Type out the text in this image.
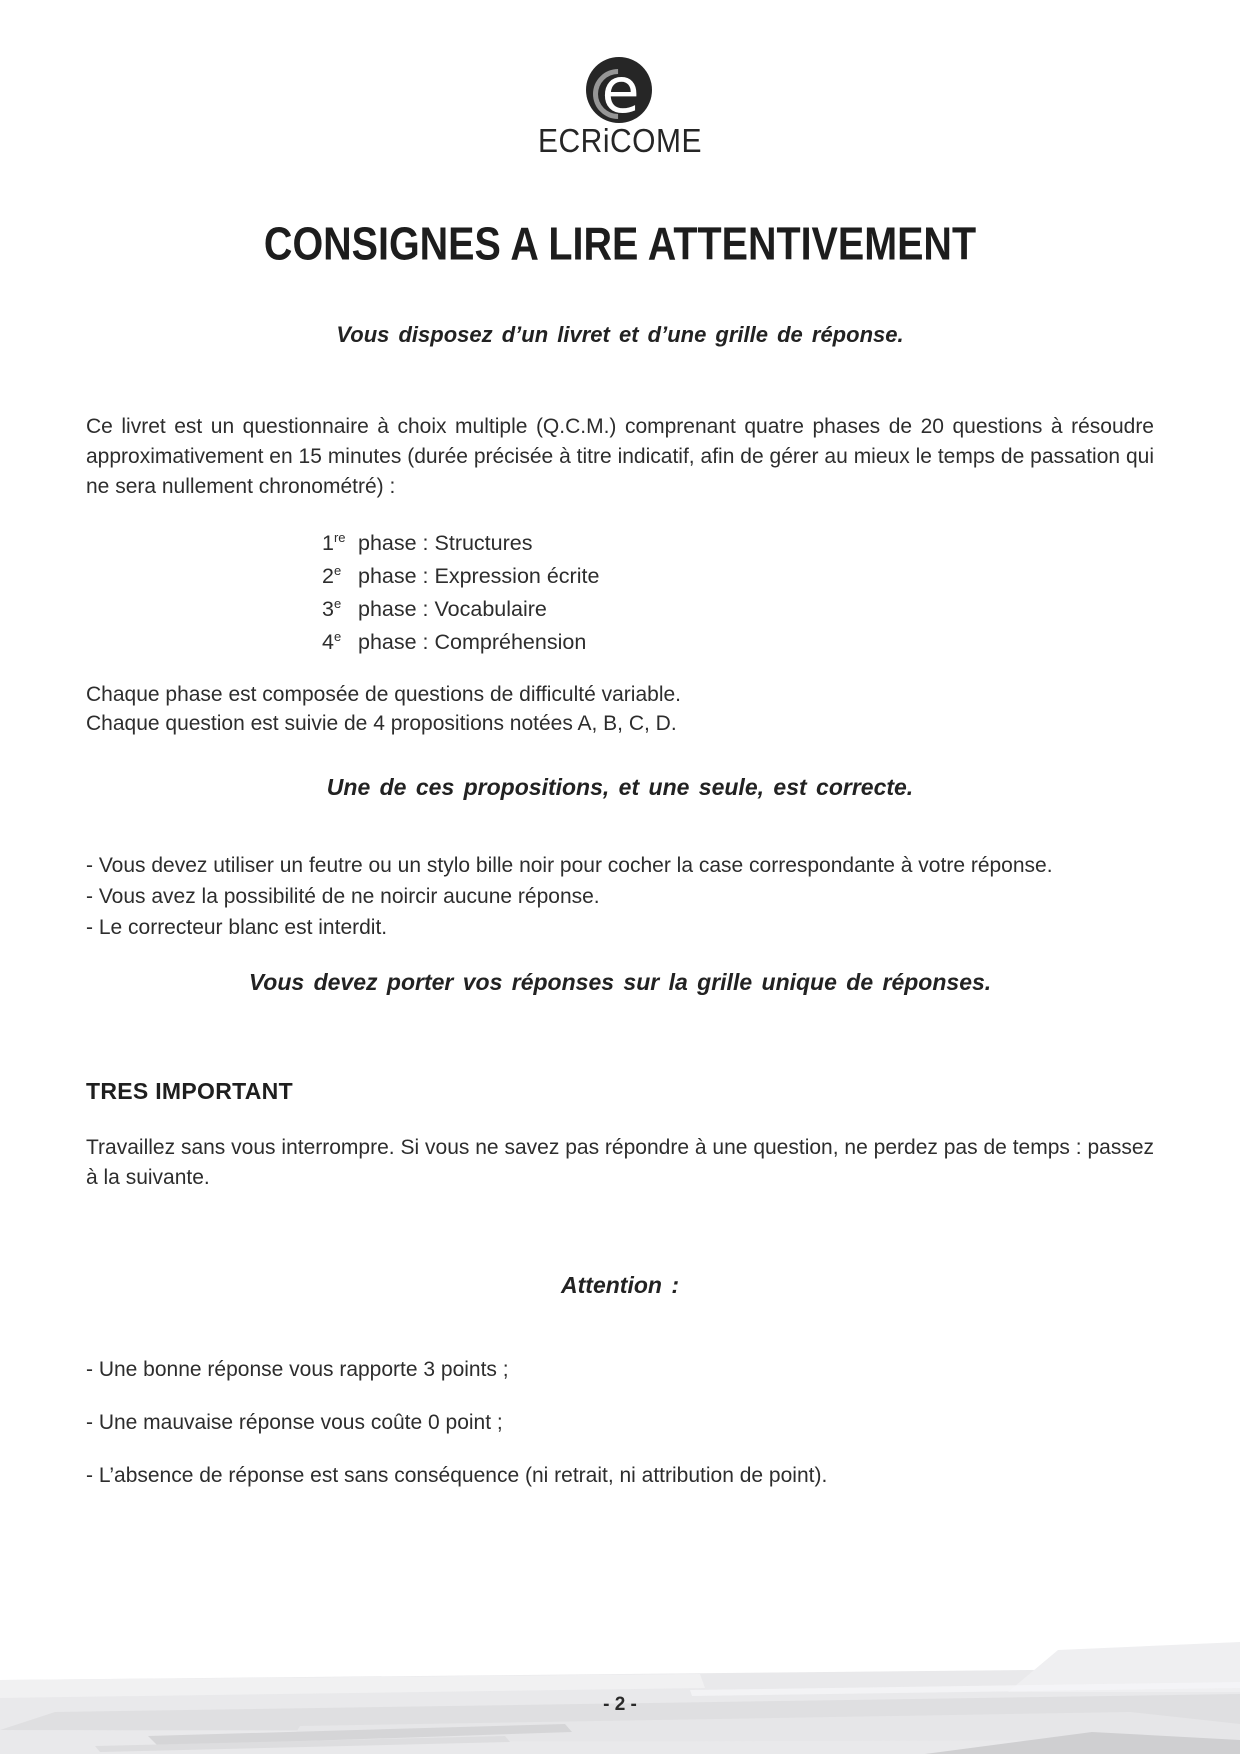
e
ECRiCOME
CONSIGNES A LIRE ATTENTIVEMENT

Vous disposez d’un livret et d’une grille de réponse.

Ce livret est un questionnaire à choix multiple (Q.C.M.) comprenant quatre phases de 20 questions à résoudre approximativement en 15 minutes (durée précisée à titre indicatif, afin de gérer au mieux le temps de passation qui ne sera nullement chronométré) :

1re phase : Structures
2e phase : Expression écrite
3e phase : Vocabulaire
4e phase : Compréhension
Chaque phase est composée de questions de difficulté variable.
Chaque question est suivie de 4 propositions notées A, B, C, D.

Une de ces propositions, et une seule, est correcte.

- Vous devez utiliser un feutre ou un stylo bille noir pour cocher la case correspondante à votre réponse.
- Vous avez la possibilité de ne noircir aucune réponse.
- Le correcteur blanc est interdit.

Vous devez porter vos réponses sur la grille unique de réponses.

TRES IMPORTANT

Travaillez sans vous interrompre. Si vous ne savez pas répondre à une question, ne perdez pas de temps : passez à la suivante.

Attention :

- Une bonne réponse vous rapporte 3 points ;
- Une mauvaise réponse vous coûte 0 point ;
- L’absence de réponse est sans conséquence (ni retrait, ni attribution de point).
- 2 -
